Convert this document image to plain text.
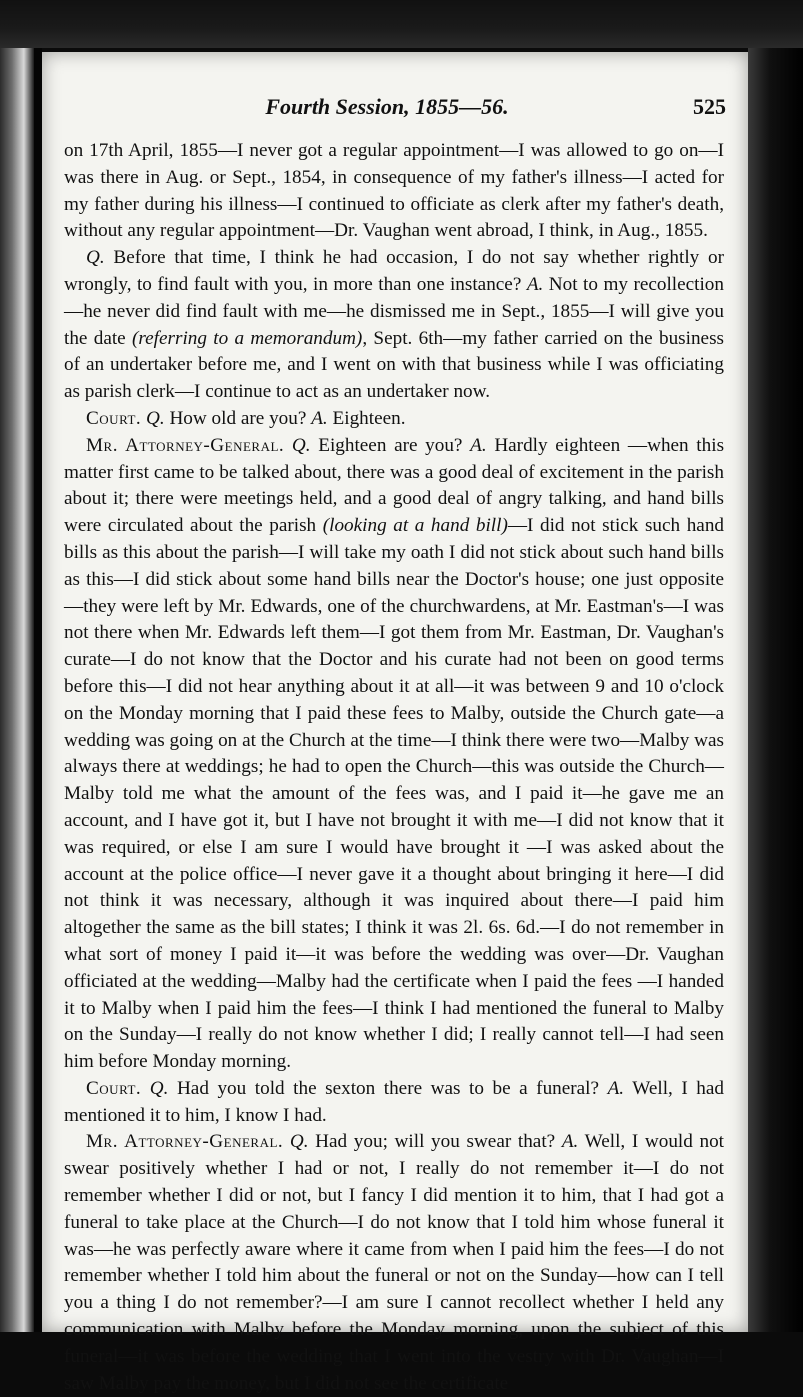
Fourth Session, 1855—56.	525

on 17th April, 1855—I never got a regular appointment—I was allowed to go on—I was there in Aug. or Sept., 1854, in consequence of my father's illness—I acted for my father during his illness—I continued to officiate as clerk after my father's death, without any regular appointment—Dr. Vaughan went abroad, I think, in Aug., 1855.

Q. Before that time, I think he had occasion, I do not say whether rightly or wrongly, to find fault with you, in more than one instance? A. Not to my recollection—he never did find fault with me—he dismissed me in Sept., 1855—I will give you the date (referring to a memorandum), Sept. 6th—my father carried on the business of an undertaker before me, and I went on with that business while I was officiating as parish clerk—I continue to act as an undertaker now.

Court. Q. How old are you? A. Eighteen.

Mr. Attorney-General. Q. Eighteen are you? A. Hardly eighteen —when this matter first came to be talked about, there was a good deal of excitement in the parish about it; there were meetings held, and a good deal of angry talking, and hand bills were circulated about the parish (looking at a hand bill)—I did not stick such hand bills as this about the parish—I will take my oath I did not stick about such hand bills as this—I did stick about some hand bills near the Doctor's house; one just opposite—they were left by Mr. Edwards, one of the churchwardens, at Mr. Eastman's—I was not there when Mr. Edwards left them—I got them from Mr. Eastman, Dr. Vaughan's curate—I do not know that the Doctor and his curate had not been on good terms before this—I did not hear anything about it at all—it was between 9 and 10 o'clock on the Monday morning that I paid these fees to Malby, outside the Church gate—a wedding was going on at the Church at the time—I think there were two—Malby was always there at weddings; he had to open the Church—this was outside the Church—Malby told me what the amount of the fees was, and I paid it—he gave me an account, and I have got it, but I have not brought it with me—I did not know that it was required, or else I am sure I would have brought it —I was asked about the account at the police office—I never gave it a thought about bringing it here—I did not think it was necessary, although it was inquired about there—I paid him altogether the same as the bill states; I think it was 2l. 6s. 6d.—I do not remember in what sort of money I paid it—it was before the wedding was over—Dr. Vaughan officiated at the wedding—Malby had the certificate when I paid the fees —I handed it to Malby when I paid him the fees—I think I had mentioned the funeral to Malby on the Sunday—I really do not know whether I did; I really cannot tell—I had seen him before Monday morning.

Court. Q. Had you told the sexton there was to be a funeral? A. Well, I had mentioned it to him, I know I had.

Mr. Attorney-General. Q. Had you; will you swear that? A. Well, I would not swear positively whether I had or not, I really do not remember it—I do not remember whether I did or not, but I fancy I did mention it to him, that I had got a funeral to take place at the Church—I do not know that I told him whose funeral it was—he was perfectly aware where it came from when I paid him the fees—I do not remember whether I told him about the funeral or not on the Sunday—how can I tell you a thing I do not remember?—I am sure I cannot recollect whether I held any communication with Malby before the Monday morning, upon the subject of this funeral—it was before the wedding that I went into the vestry with Dr. Vaughan—I saw Malby pay the money, but I did not see the certificate
